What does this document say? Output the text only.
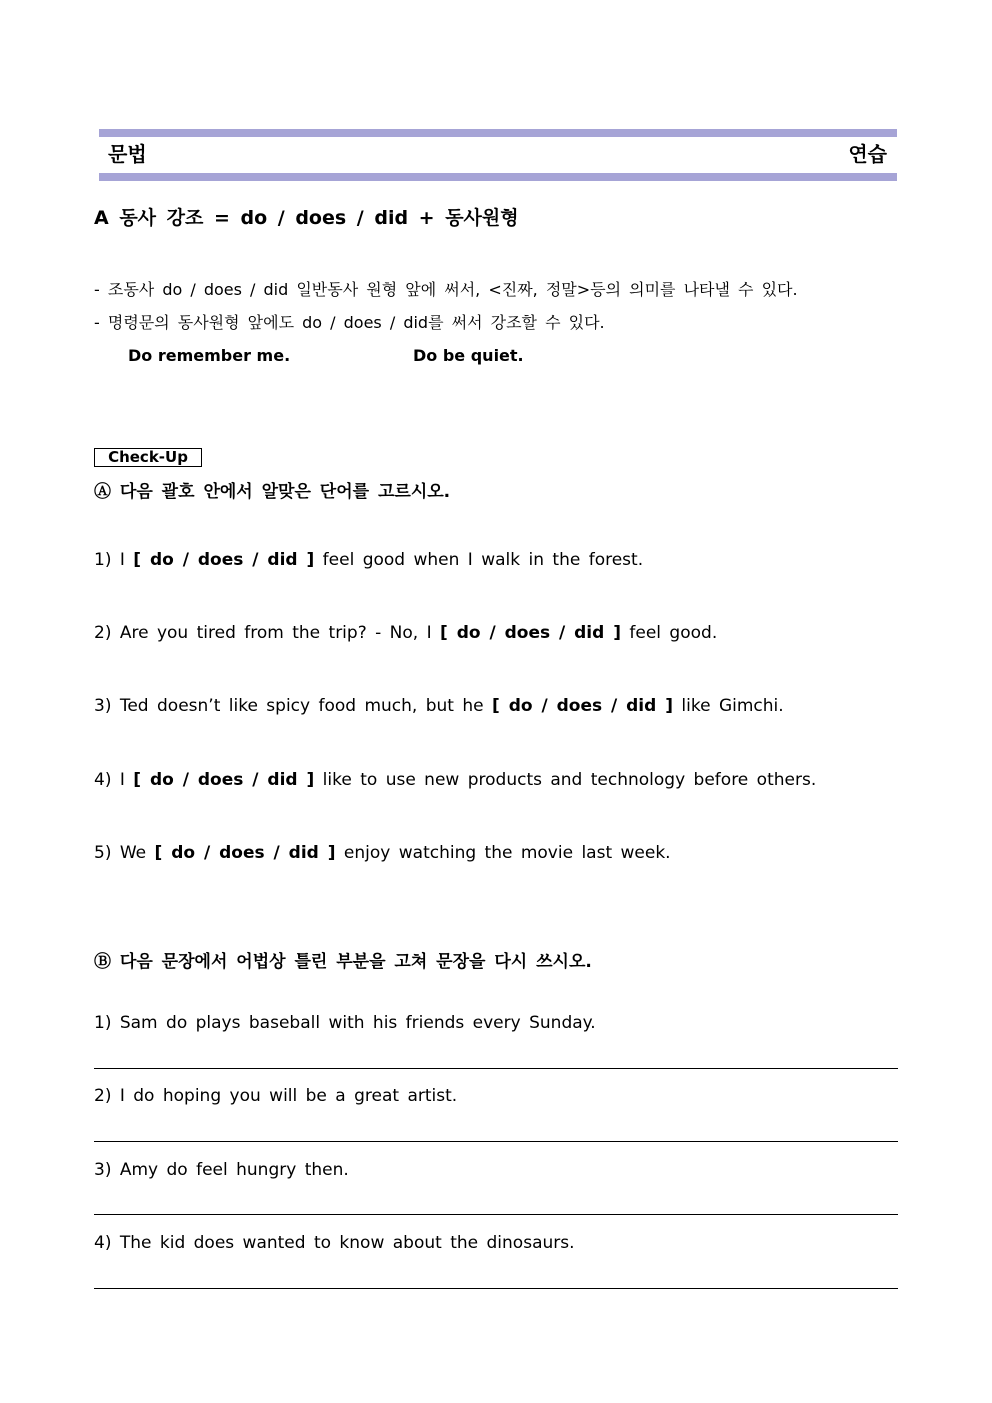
문법	연습
A 동사 강조 = do / does / did + 동사원형
- 조동사 do / does / did 일반동사 원형 앞에 써서, <진짜, 정말>등의 의미를 나타낼 수 있다.
- 명령문의 동사원형 앞에도 do / does / did를 써서 강조할 수 있다.
Do remember me.	Do be quiet.
Check-Up
Ⓐ 다음 괄호 안에서 알맞은 단어를 고르시오.
1) I [ do / does / did ] feel good when I walk in the forest.
2) Are you tired from the trip? - No, I [ do / does / did ] feel good.
3) Ted doesn’t like spicy food much, but he [ do / does / did ] like Gimchi.
4) I [ do / does / did ] like to use new products and technology before others.
5) We [ do / does / did ] enjoy watching the movie last week.
Ⓑ 다음 문장에서 어법상 틀린 부분을 고쳐 문장을 다시 쓰시오.
1) Sam do plays baseball with his friends every Sunday.
2) I do hoping you will be a great artist.
3) Amy do feel hungry then.
4) The kid does wanted to know about the dinosaurs.
